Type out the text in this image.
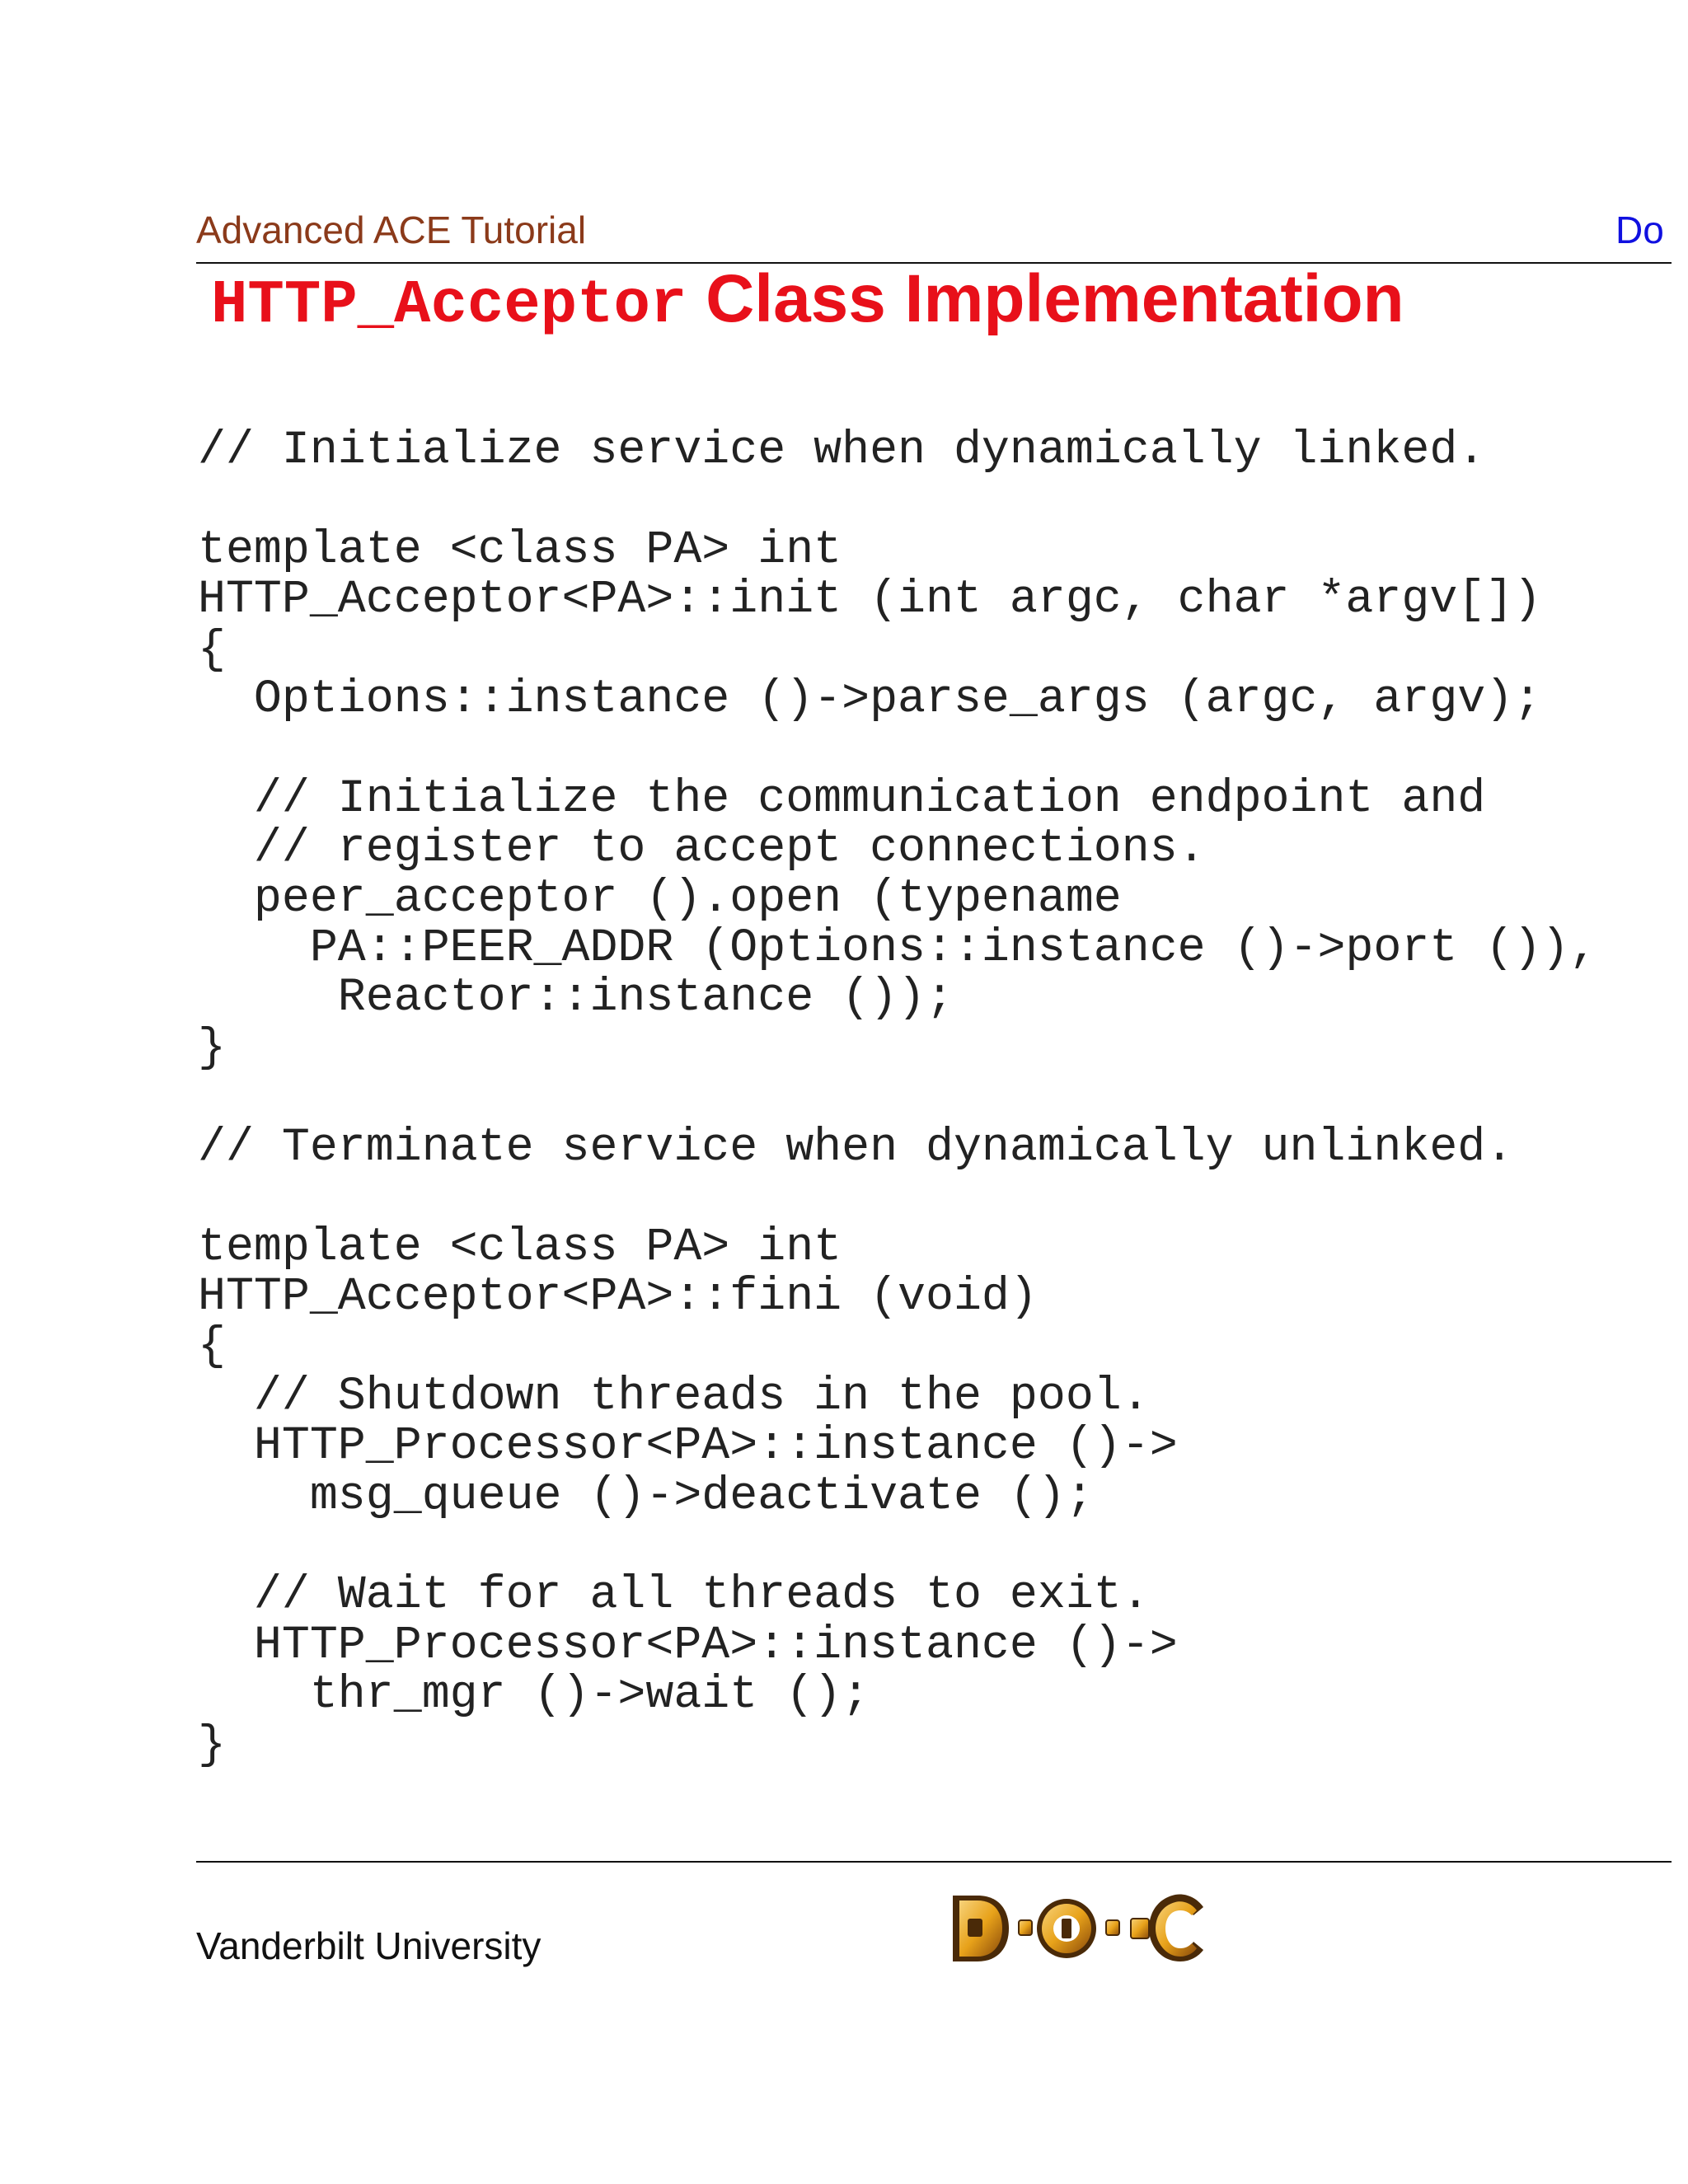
Advanced ACE Tutorial	Do
HTTP_Acceptor Class Implementation
// Initialize service when dynamically linked.

template <class PA> int
HTTP_Acceptor<PA>::init (int argc, char *argv[])
{
Options::instance ()->parse_args (argc, argv);

// Initialize the communication endpoint and
// register to accept connections.
peer_acceptor ().open (typename
PA::PEER_ADDR (Options::instance ()->port ()),
Reactor::instance ());
}

// Terminate service when dynamically unlinked.

template <class PA> int
HTTP_Acceptor<PA>::fini (void)
{
// Shutdown threads in the pool.
HTTP_Processor<PA>::instance ()->
msg_queue ()->deactivate ();

// Wait for all threads to exit.
HTTP_Processor<PA>::instance ()->
thr_mgr ()->wait ();
}
Vanderbilt University
